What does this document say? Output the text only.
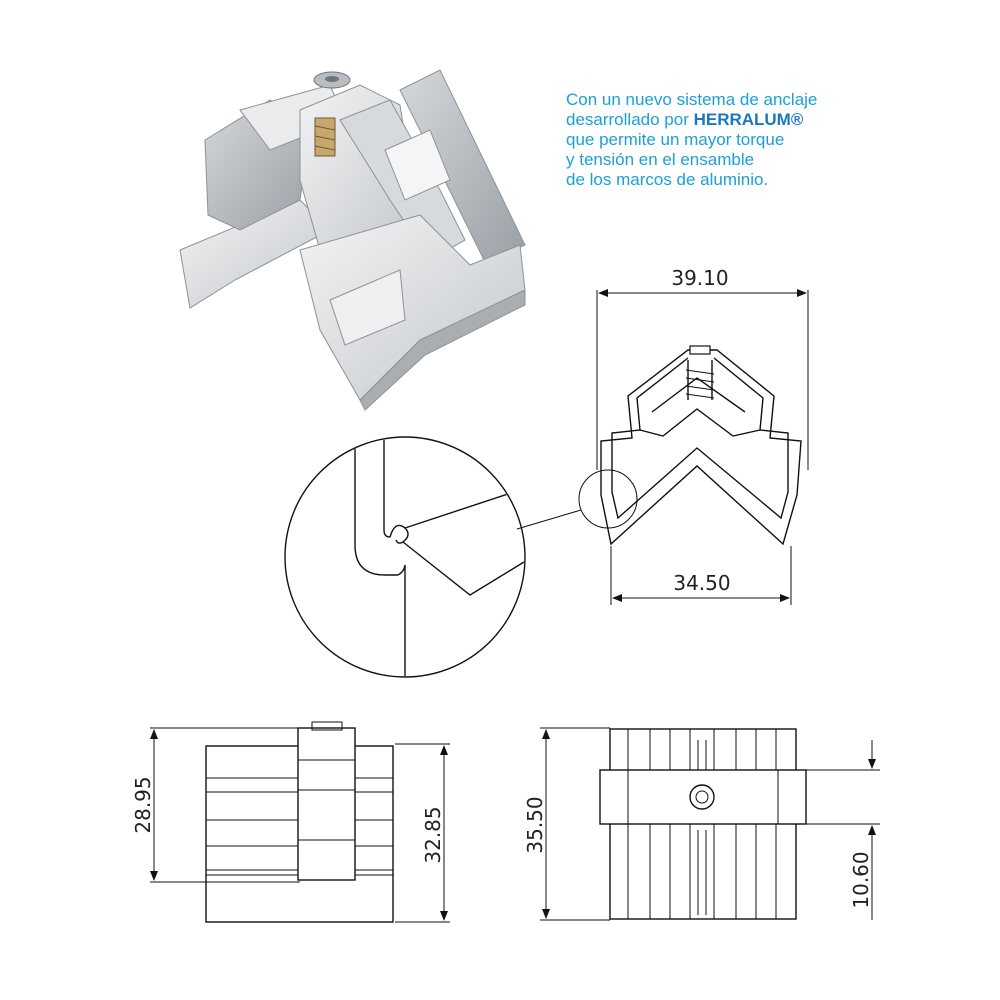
Con un nuevo sistema de anclaje
desarrollado por HERRALUM®
que permite un mayor torque
y tensión en el ensamble
de los marcos de aluminio.
39.10
34.50
28.95
32.85	35.50
10.60
